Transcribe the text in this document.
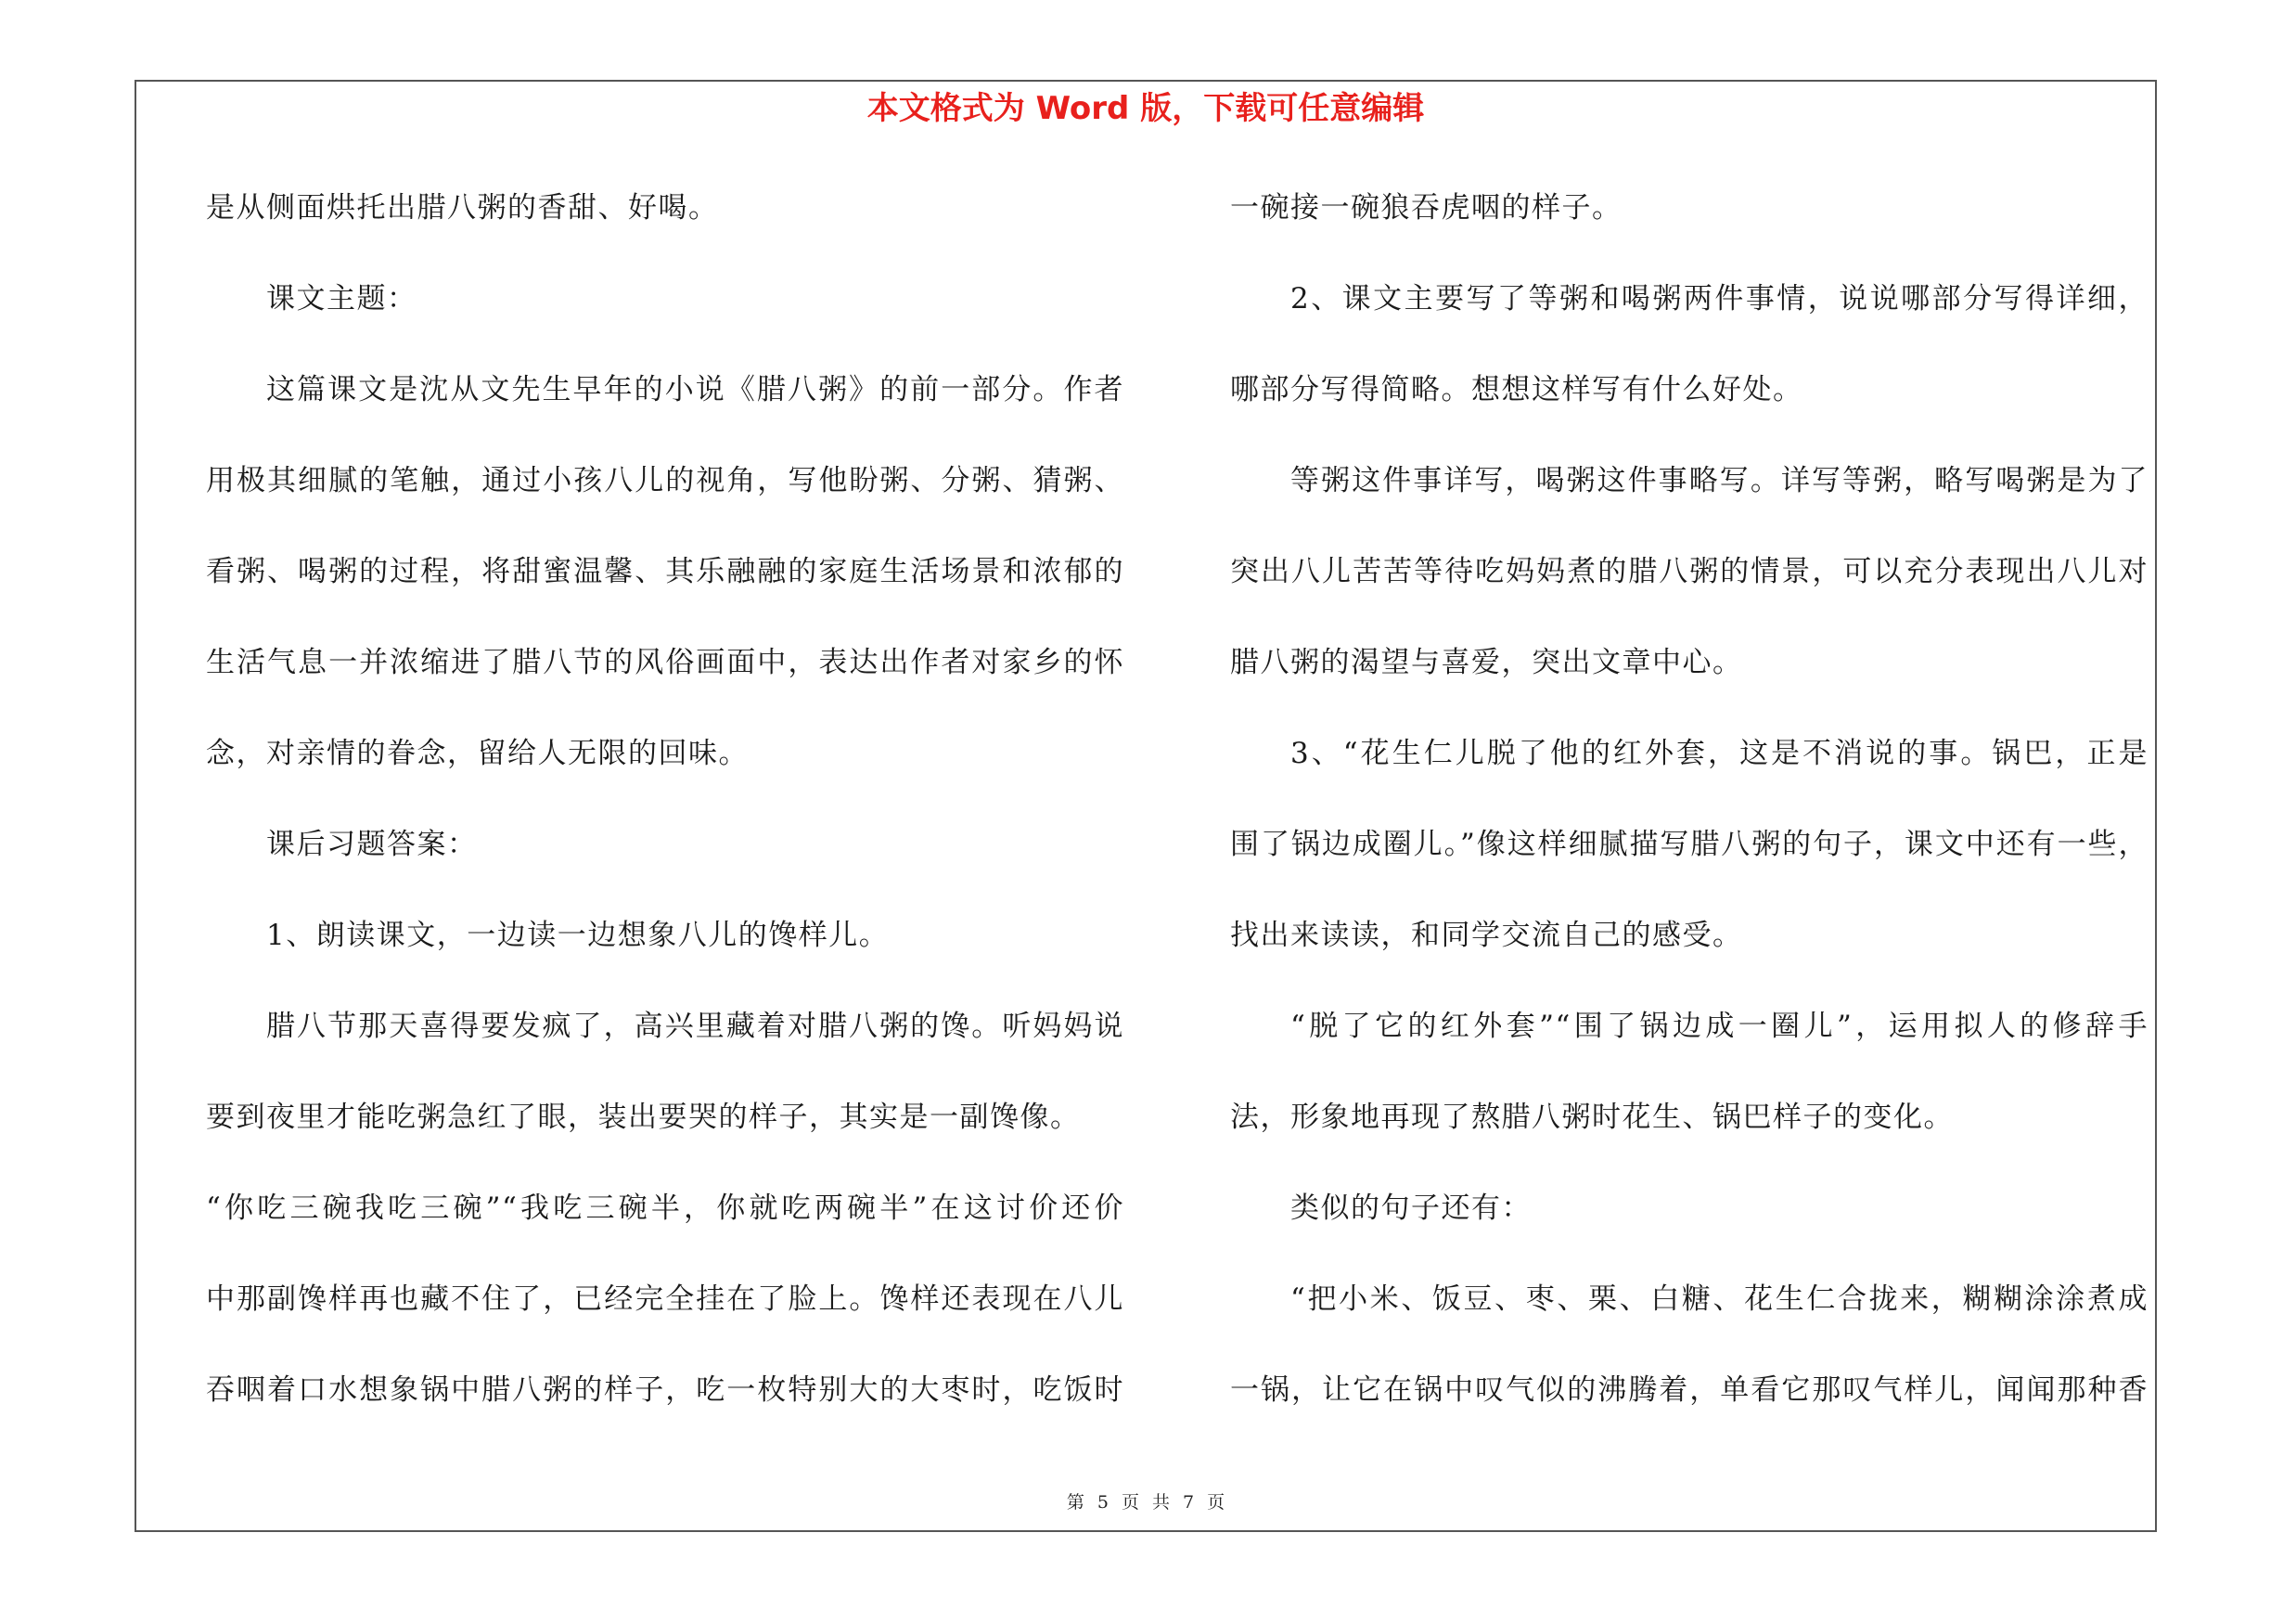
本文格式为 Word 版，下载可任意编辑
是从侧面烘托出腊八粥的香甜、好喝。
课文主题：
这篇课文是沈从文先生早年的小说《腊八粥》的前一部分。作者
用极其细腻的笔触，通过小孩八儿的视角，写他盼粥、分粥、猜粥、
看粥、喝粥的过程，将甜蜜温馨、其乐融融的家庭生活场景和浓郁的
生活气息一并浓缩进了腊八节的风俗画面中，表达出作者对家乡的怀
念，对亲情的眷念，留给人无限的回味。
课后习题答案：
1、朗读课文，一边读一边想象八儿的馋样儿。
腊八节那天喜得要发疯了，高兴里藏着对腊八粥的馋。听妈妈说
要到夜里才能吃粥急红了眼，装出要哭的样子，其实是一副馋像。
“你吃三碗我吃三碗”“我吃三碗半，你就吃两碗半”在这讨价还价
中那副馋样再也藏不住了，已经完全挂在了脸上。馋样还表现在八儿
吞咽着口水想象锅中腊八粥的样子，吃一枚特别大的大枣时，吃饭时
一碗接一碗狼吞虎咽的样子。
2、课文主要写了等粥和喝粥两件事情，说说哪部分写得详细，
哪部分写得简略。想想这样写有什么好处。
等粥这件事详写，喝粥这件事略写。详写等粥，略写喝粥是为了
突出八儿苦苦等待吃妈妈煮的腊八粥的情景，可以充分表现出八儿对
腊八粥的渴望与喜爱，突出文章中心。
3、“花生仁儿脱了他的红外套，这是不消说的事。锅巴，正是
围了锅边成圈儿。”像这样细腻描写腊八粥的句子，课文中还有一些，
找出来读读，和同学交流自己的感受。
“脱了它的红外套”“围了锅边成一圈儿”，运用拟人的修辞手
法，形象地再现了熬腊八粥时花生、锅巴样子的变化。
类似的句子还有：
“把小米、饭豆、枣、栗、白糖、花生仁合拢来，糊糊涂涂煮成
一锅，让它在锅中叹气似的沸腾着，单看它那叹气样儿，闻闻那种香
第 5 页 共 7 页
